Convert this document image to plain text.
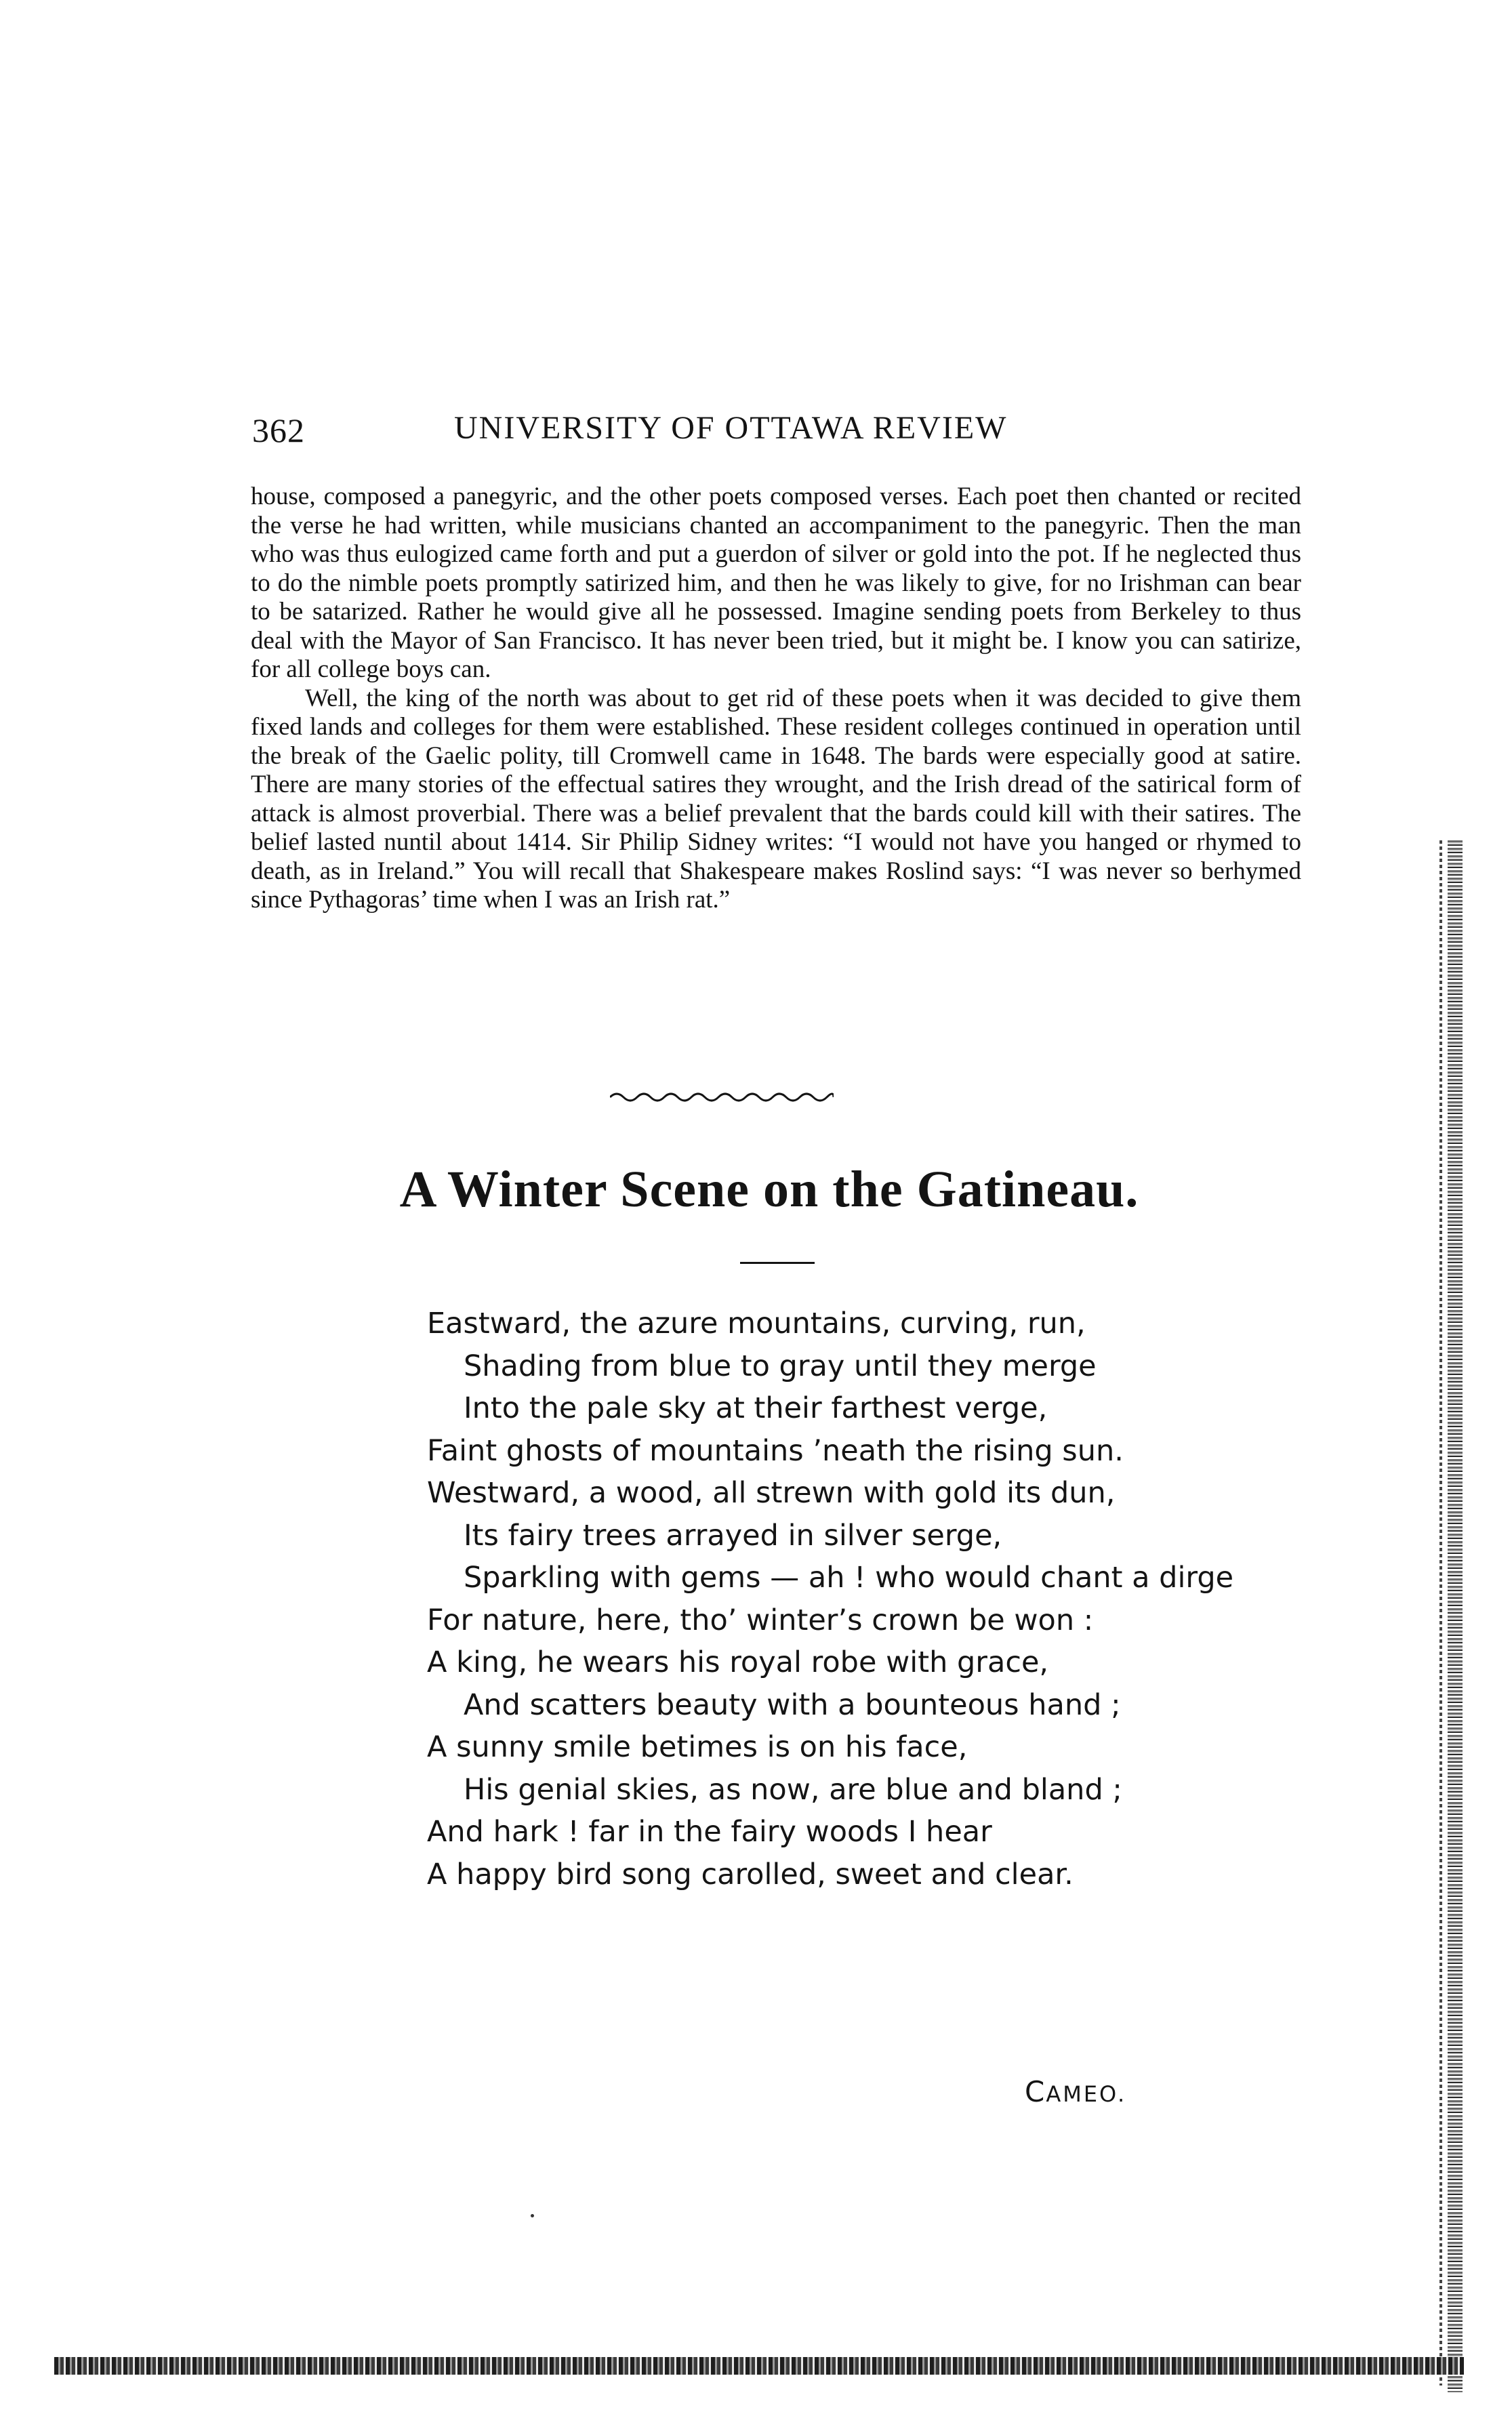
362	UNIVERSITY OF OTTAWA REVIEW

house, composed a panegyric, and the other poets composed verses. Each poet then chanted or recited the verse he had written, while musicians chanted an accompaniment to the panegyric. Then the man who was thus eulogized came forth and put a guerdon of silver or gold into the pot. If he neglected thus to do the nimble poets promptly satirized him, and then he was likely to give, for no Irishman can bear to be satarized. Rather he would give all he possessed. Imagine sending poets from Berkeley to thus deal with the Mayor of San Francisco. It has never been tried, but it might be. I know you can satirize, for all college boys can.

Well, the king of the north was about to get rid of these poets when it was decided to give them fixed lands and colleges for them were established. These resident colleges continued in operation until the break of the Gaelic polity, till Cromwell came in 1648. The bards were especially good at satire. There are many stories of the effectual satires they wrought, and the Irish dread of the satirical form of attack is almost proverbial. There was a belief prevalent that the bards could kill with their satires. The belief lasted nuntil about 1414. Sir Philip Sidney writes: “I would not have you hanged or rhymed to death, as in Ireland.” You will recall that Shakespeare makes Roslind says: “I was never so berhymed since Pythagoras’ time when I was an Irish rat.”

A Winter Scene on the Gatineau.
Eastward, the azure mountains, curving, run,
Shading from blue to gray until they merge
Into the pale sky at their farthest verge,
Faint ghosts of mountains ’neath the rising sun.
Westward, a wood, all strewn with gold its dun,
Its fairy trees arrayed in silver serge,
Sparkling with gems — ah ! who would chant a dirge
For nature, here, tho’ winter’s crown be won :
A king, he wears his royal robe with grace,
And scatters beauty with a bounteous hand ;
A sunny smile betimes is on his face,
His genial skies, as now, are blue and bland ;
And hark ! far in the fairy woods I hear
A happy bird song carolled, sweet and clear.
CAMEO.
